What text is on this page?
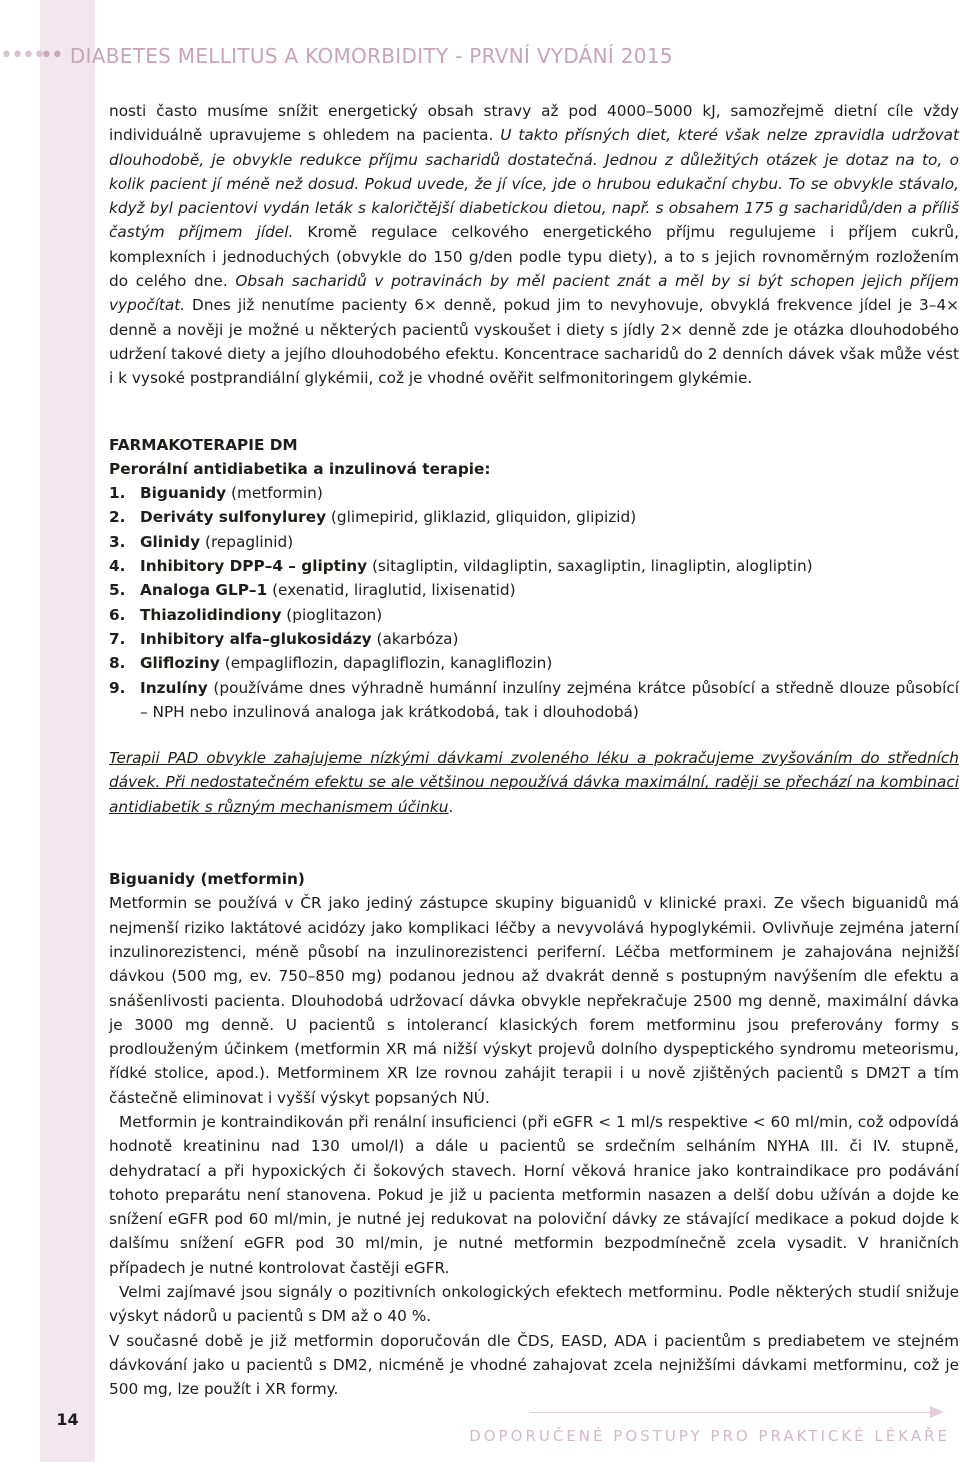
••••
•• DIABETES MELLITUS A KOMORBIDITY - PRVNÍ VYDÁNÍ 2015

nosti často musíme snížit energetický obsah stravy až pod 4000–5000 kJ, samozřejmě dietní cíle vždy individuálně upravujeme s ohledem na pacienta. U takto přísných diet, které však nelze zpravidla udržovat dlouhodobě, je obvykle redukce příjmu sacharidů dostatečná. Jednou z důležitých otázek je dotaz na to, o kolik pacient jí méně než dosud. Pokud uvede, že jí více, jde o hrubou edukační chybu. To se obvykle stávalo, když byl pacientovi vydán leták s kaloričtější diabetickou dietou, např. s obsahem 175 g sacharidů/den a příliš častým příjmem jídel. Kromě regulace celkového energetického příjmu regulujeme i příjem cukrů, komplexních i jednoduchých (obvykle do 150 g/den podle typu diety), a to s jejich rovnoměrným rozložením do celého dne. Obsah sacharidů v potravinách by měl pacient znát a měl by si být schopen jejich příjem vypočítat. Dnes již nenutíme pacienty 6× denně, pokud jim to nevyhovuje, obvyklá frekvence jídel je 3–4× denně a nověji je možné u některých pacientů vyskoušet i diety s jídly 2× denně zde je otázka dlouhodobého udržení takové diety a jejího dlouhodobého efektu. Koncentrace sacharidů do 2 denních dávek však může vést i k vysoké postprandiální glykémii, což je vhodné ověřit selfmonitoringem glykémie.

FARMAKOTERAPIE DM
Perorální antidiabetika a inzulinová terapie:
1. Biguanidy (metformin)
2. Deriváty sulfonylurey (glimepirid, gliklazid, gliquidon, glipizid)
3. Glinidy (repaglinid)
4. Inhibitory DPP–4 – gliptiny (sitagliptin, vildagliptin, saxagliptin, linagliptin, alogliptin)
5. Analoga GLP–1 (exenatid, liraglutid, lixisenatid)
6. Thiazolidindiony (pioglitazon)
7. Inhibitory alfa–glukosidázy (akarbóza)
8. Glifloziny (empagliflozin, dapagliflozin, kanagliflozin)
9. Inzulíny (používáme dnes výhradně humánní inzulíny zejména krátce působící a středně dlouze působící – NPH nebo inzulinová analoga jak krátkodobá, tak i dlouhodobá)

Terapii PAD obvykle zahajujeme nízkými dávkami zvoleného léku a pokračujeme zvyšováním do středních dávek. Při nedostatečném efektu se ale většinou nepoužívá dávka maximální, raději se přechází na kombinaci antidiabetik s různým mechanismem účinku.

Biguanidy (metformin)

Metformin se používá v ČR jako jediný zástupce skupiny biguanidů v klinické praxi. Ze všech biguanidů má nejmenší riziko laktátové acidózy jako komplikaci léčby a nevyvolává hypoglykémii. Ovlivňuje zejména jaterní inzulinorezistenci, méně působí na inzulinorezistenci periferní. Léčba metforminem je zahajována nejnižší dávkou (500 mg, ev. 750–850 mg) podanou jednou až dvakrát denně s postupným navýšením dle efektu a snášenlivosti pacienta. Dlouhodobá udržovací dávka obvykle nepřekračuje 2500 mg denně, maximální dávka je 3000 mg denně. U pacientů s intolerancí klasických forem metforminu jsou preferovány formy s prodlouženým účinkem (metformin XR má nižší výskyt projevů dolního dyspeptického syndromu meteorismu, řídké stolice, apod.). Metforminem XR lze rovnou zahájit terapii i u nově zjištěných pacientů s DM2T a tím částečně eliminovat i vyšší výskyt popsaných NÚ.

Metformin je kontraindikován při renální insuficienci (při eGFR < 1 ml/s respektive < 60 ml/min, což odpovídá hodnotě kreatininu nad 130 umol/l) a dále u pacientů se srdečním selháním NYHA III. či IV. stupně, dehydratací a při hypoxických či šokových stavech. Horní věková hranice jako kontraindikace pro podávání tohoto preparátu není stanovena. Pokud je již u pacienta metformin nasazen a delší dobu užíván a dojde ke snížení eGFR pod 60 ml/min, je nutné jej redukovat na poloviční dávky ze stávající medikace a pokud dojde k dalšímu snížení eGFR pod 30 ml/min, je nutné metformin bezpodmínečně zcela vysadit. V hraničních případech je nutné kontrolovat častěji eGFR.

Velmi zajímavé jsou signály o pozitivních onkologických efektech metforminu. Podle některých studií snižuje výskyt nádorů u pacientů s DM až o 40 %.

V současné době je již metformin doporučován dle ČDS, EASD, ADA i pacientům s prediabetem ve stejném dávkování jako u pacientů s DM2, nicméně je vhodné zahajovat zcela nejnižšími dávkami metforminu, což je 500 mg, lze použít i XR formy.

14
DOPORUČENÉ POSTUPY PRO PRAKTICKÉ LÉKAŘE
